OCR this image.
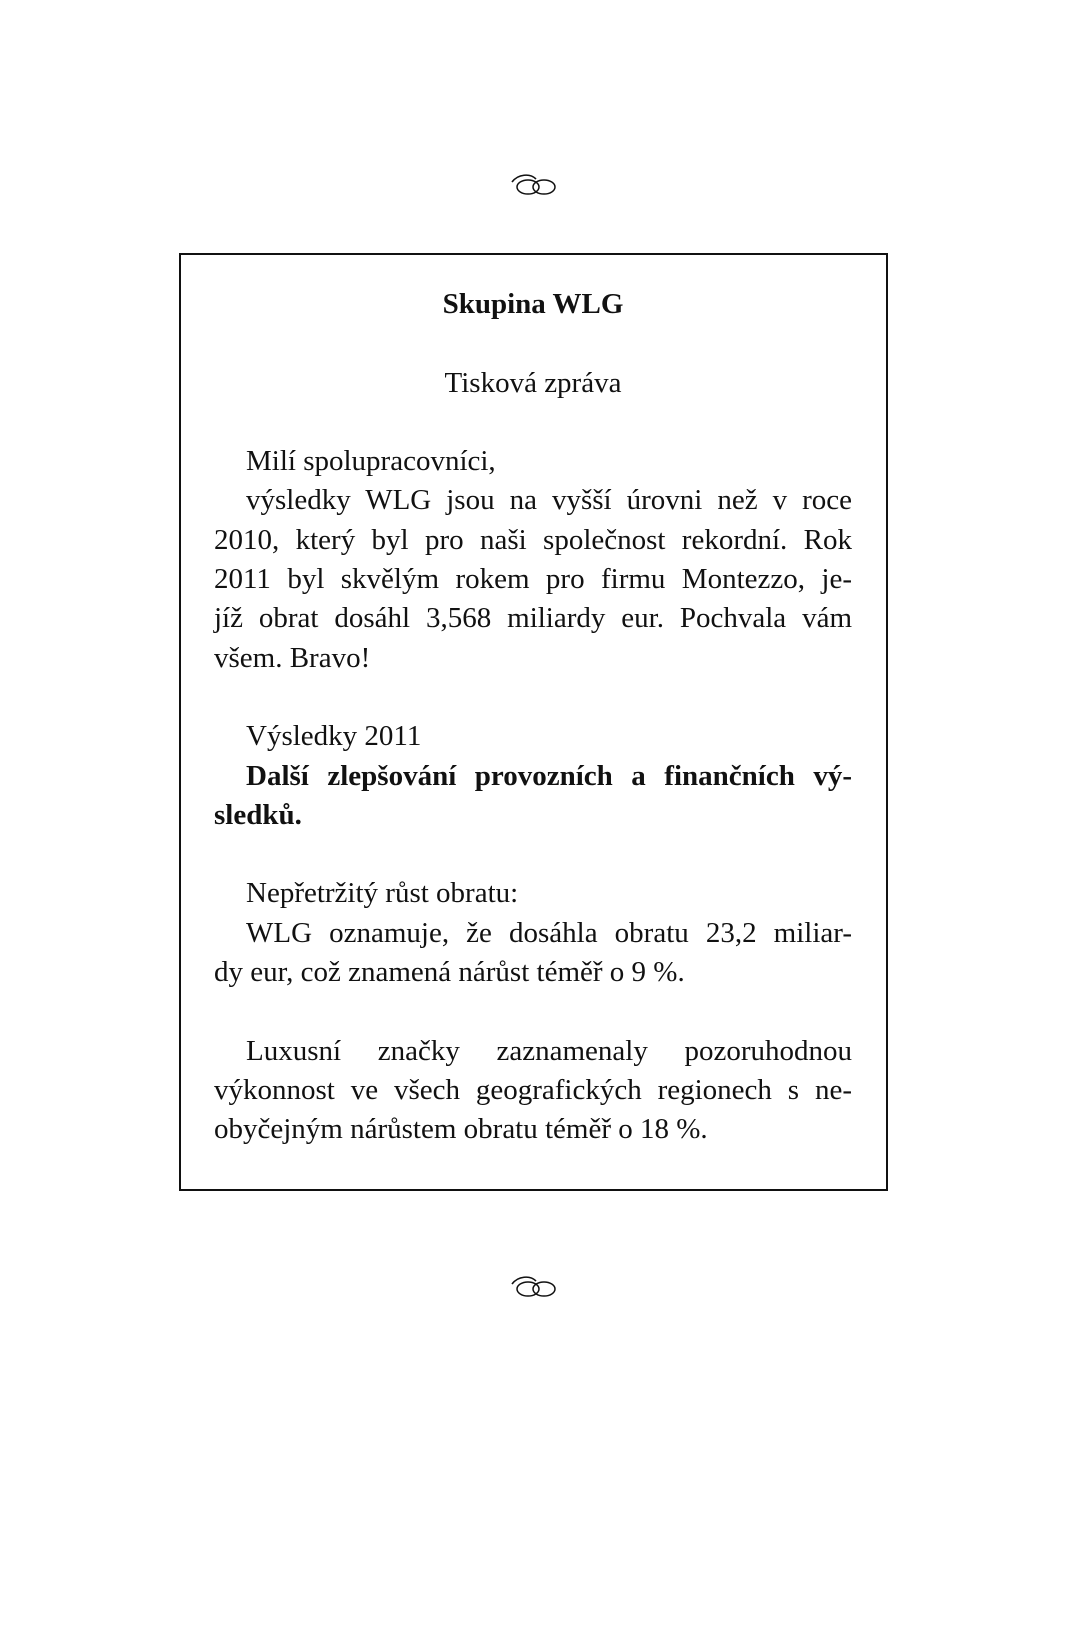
Skupina WLG
Tisková zpráva
Milí spolupracovníci,
výsledky WLG jsou na vyšší úrovni než v roce
2010, který byl pro naši společnost rekordní. Rok
2011 byl skvělým rokem pro firmu Montezzo, je-
jíž obrat dosáhl 3,568 miliardy eur. Pochvala vám
všem. Bravo!
Výsledky 2011
Další zlepšování provozních a finančních vý-
sledků.
Nepřetržitý růst obratu:
WLG oznamuje, že dosáhla obratu 23,2 miliar-
dy eur, což znamená nárůst téměř o 9 %.
Luxusní značky zaznamenaly pozoruhodnou
výkonnost ve všech geografických regionech s ne-
obyčejným nárůstem obratu téměř o 18 %.
